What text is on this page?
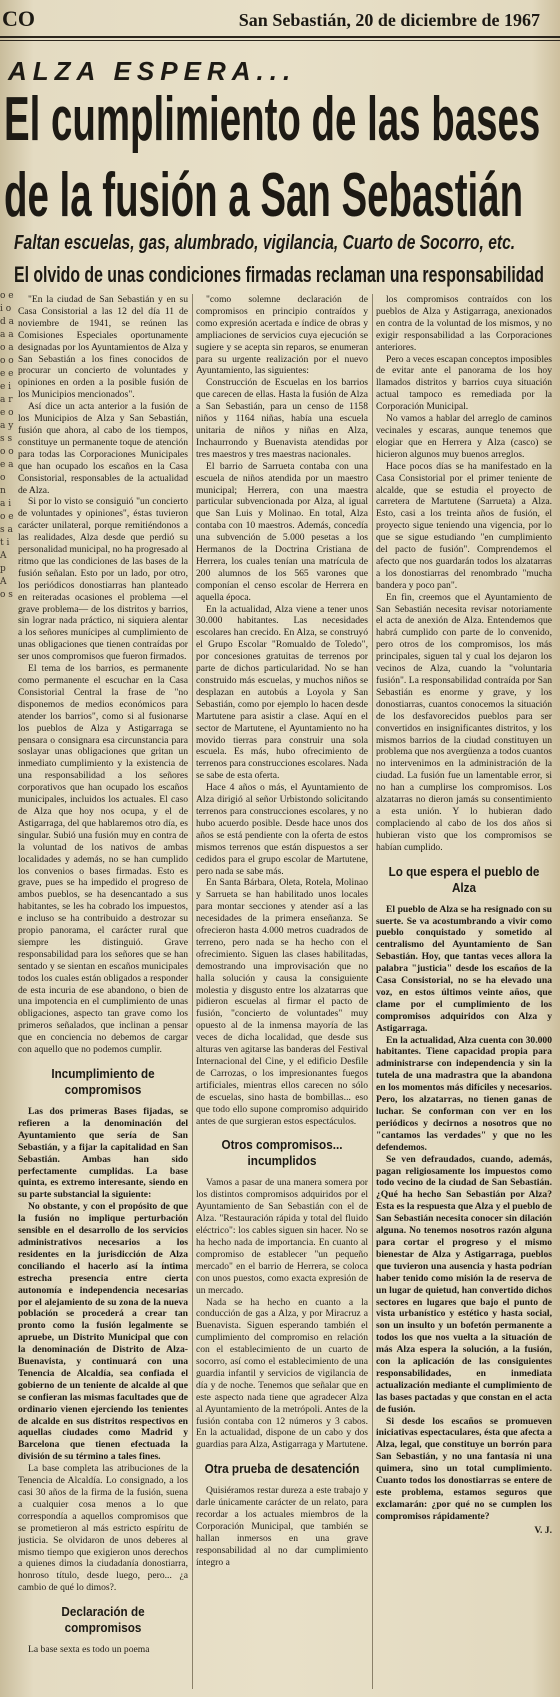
CO	San Sebastián, 20 de diciembre de 1967
ALZA ESPERA...
El cumplimiento de las bases
de la fusión a San Sebastián
Faltan escuelas, gas, alumbrado, vigilancia, Cuarto de Socorro, etc.
El olvido de unas condiciones firmadas reclaman una responsabilidad
o e i o d a a a o a o o e e e i a r e o a y s s o o e a o n a i o e s a t i A p A o s

"En la ciudad de San Sebastián y en su Casa Consistorial a las 12 del día 11 de noviembre de 1941, se reúnen las Comisiones Especiales oportunamente designadas por los Ayuntamientos de Alza y San Sebastián a los fines conocidos de procurar un concierto de voluntades y opiniones en orden a la posible fusión de los Municipios mencionados".

Así dice un acta anterior a la fusión de los Municipios de Alza y San Sebastián, fusión que ahora, al cabo de los tiempos, constituye un permanente toque de atención para todas las Corporaciones Municipales que han ocupado los escaños en la Casa Consistorial, responsables de la actualidad de Alza.

Si por lo visto se consiguió "un concierto de voluntades y opiniones", éstas tuvieron carácter unilateral, porque remitiéndonos a las realidades, Alza desde que perdió su personalidad municipal, no ha progresado al ritmo que las condiciones de las bases de la fusión señalan. Esto por un lado, por otro, los periódicos donostiarras han planteado en reiteradas ocasiones el problema —el grave problema— de los distritos y barrios, sin lograr nada práctico, ni siquiera alentar a los señores munícipes al cumplimiento de unas obligaciones que tienen contraídas por ser unos compromisos que fueron firmados.

El tema de los barrios, es permanente como permanente el escuchar en la Casa Consistorial Central la frase de "no disponemos de medios económicos para atender los barrios", como si al fusionarse los pueblos de Alza y Astigarraga se pensara o consignara esa circunstancia para soslayar unas obligaciones que gritan un inmediato cumplimiento y la existencia de una responsabilidad a los señores corporativos que han ocupado los escaños municipales, incluidos los actuales. El caso de Alza que hoy nos ocupa, y el de Astigarraga, del que hablaremos otro día, es singular. Subió una fusión muy en contra de la voluntad de los nativos de ambas localidades y además, no se han cumplido los convenios o bases firmadas. Esto es grave, pues se ha impedido el progreso de ambos pueblos, se ha desencantado a sus habitantes, se les ha cobrado los impuestos, e incluso se ha contribuido a destrozar su propio panorama, el carácter rural que siempre les distinguió. Grave responsabilidad para los señores que se han sentado y se sientan en escaños municipales todos los cuales están obligados a responder de esta incuria de ese abandono, o bien de una impotencia en el cumplimiento de unas obligaciones, aspecto tan grave como los primeros señalados, que inclinan a pensar que en conciencia no debemos de cargar con aquello que no podemos cumplir.

Incumplimiento de compromisos

Las dos primeras Bases fijadas, se refieren a la denominación del Ayuntamiento que sería de San Sebastián, y a fijar la capitalidad en San Sebastián. Ambas han sido perfectamente cumplidas. La base quinta, es extremo interesante, siendo en su parte substancial la siguiente:

No obstante, y con el propósito de que la fusión no implique perturbación sensible en el desarrollo de los servicios administrativos necesarios a los residentes en la jurisdicción de Alza conciliando el hacerlo así la íntima estrecha presencia entre cierta autonomía e independencia necesarias por el alejamiento de su zona de la nueva población se procederá a crear tan pronto como la fusión legalmente se apruebe, un Distrito Municipal que con la denominación de Distrito de Alza-Buenavista, y continuará con una Tenencia de Alcaldía, sea confiada el gobierno de un teniente de alcalde al que se confieran las mismas facultades que de ordinario vienen ejerciendo los tenientes de alcalde en sus distritos respectivos en aquellas ciudades como Madrid y Barcelona que tienen efectuada la división de su término a tales fines.

La base completa las atribuciones de la Tenencia de Alcaldía. Lo consignado, a los casi 30 años de la firma de la fusión, suena a cualquier cosa menos a lo que correspondía a aquellos compromisos que se prometieron al más estricto espíritu de justicia. Se olvidaron de unos deberes al mismo tiempo que exigieron unos derechos a quienes dimos la ciudadanía donostiarra, honroso título, desde luego, pero... ¿a cambio de qué lo dimos?.

Declaración de compromisos

La base sexta es todo un poema

"como solemne declaración de compromisos en principio contraídos y como expresión acertada e índice de obras y ampliaciones de servicios cuya ejecución se sugiere y se acepta sin reparos, se enumeran para su urgente realización por el nuevo Ayuntamiento, las siguientes:

Construcción de Escuelas en los barrios que carecen de ellas. Hasta la fusión de Alza a San Sebastián, para un censo de 1158 niños y 1164 niñas, había una escuela unitaria de niños y niñas en Alza, Inchaurrondo y Buenavista atendidas por tres maestros y tres maestras nacionales.

El barrio de Sarrueta contaba con una escuela de niños atendida por un maestro municipal; Herrera, con una maestra particular subvencionada por Alza, al igual que San Luis y Molinao. En total, Alza contaba con 10 maestros. Además, concedía una subvención de 5.000 pesetas a los Hermanos de la Doctrina Cristiana de Herrera, los cuales tenían una matrícula de 200 alumnos de los 565 varones que componían el censo escolar de Herrera en aquella época.

En la actualidad, Alza viene a tener unos 30.000 habitantes. Las necesidades escolares han crecido. En Alza, se construyó el Grupo Escolar "Romualdo de Toledo", por concesiones gratuitas de terrenos por parte de dichos particularidad. No se han construido más escuelas, y muchos niños se desplazan en autobús a Loyola y San Sebastián, como por ejemplo lo hacen desde Martutene para asistir a clase. Aquí en el sector de Martutene, el Ayuntamiento no ha movido tierras para construir una sola escuela. Es más, hubo ofrecimiento de terrenos para construcciones escolares. Nada se sabe de esta oferta.

Hace 4 años o más, el Ayuntamiento de Alza dirigió al señor Urbistondo solicitando terrenos para construcciones escolares, y no hubo acuerdo posible. Desde hace unos dos años se está pendiente con la oferta de estos mismos terrenos que están dispuestos a ser cedidos para el grupo escolar de Martutene, pero nada se sabe más.

En Santa Bárbara, Oleta, Rotela, Molinao y Sarrueta se han habilitado unos locales para montar secciones y atender así a las necesidades de la primera enseñanza. Se ofrecieron hasta 4.000 metros cuadrados de terreno, pero nada se ha hecho con el ofrecimiento. Siguen las clases habilitadas, demostrando una improvisación que no halla solución y causa la consiguiente molestia y disgusto entre los alzatarras que pidieron escuelas al firmar el pacto de fusión, "concierto de voluntades" muy opuesto al de la inmensa mayoría de las veces de dicha localidad, que desde sus alturas ven agitarse las banderas del Festival Internacional del Cine, y el edificio Desfile de Carrozas, o los impresionantes fuegos artificiales, mientras ellos carecen no sólo de escuelas, sino hasta de bombillas... eso que todo ello supone compromiso adquirido antes de que surgieran estos espectáculos.

Otros compromisos... incumplidos

Vamos a pasar de una manera somera por los distintos compromisos adquiridos por el Ayuntamiento de San Sebastián con el de Alza. "Restauración rápida y total del fluido eléctrico": los cables siguen sin hacer. No se ha hecho nada de importancia. En cuanto al compromiso de establecer "un pequeño mercado" en el barrio de Herrera, se coloca con unos puestos, como exacta expresión de un mercado.

Nada se ha hecho en cuanto a la conducción de gas a Alza, y por Miracruz a Buenavista. Siguen esperando también el cumplimiento del compromiso en relación con el establecimiento de un cuarto de socorro, así como el establecimiento de una guardia infantil y servicios de vigilancia de día y de noche. Tenemos que señalar que en este aspecto nada tiene que agradecer Alza al Ayuntamiento de la metrópoli. Antes de la fusión contaba con 12 números y 3 cabos. En la actualidad, dispone de un cabo y dos guardias para Alza, Astigarraga y Martutene.

Otra prueba de desatención

Quisiéramos restar dureza a este trabajo y darle únicamente carácter de un relato, para recordar a los actuales miembros de la Corporación Municipal, que también se hallan inmersos en una grave responsabilidad al no dar cumplimiento íntegro a

los compromisos contraídos con los pueblos de Alza y Astigarraga, anexionados en contra de la voluntad de los mismos, y no exigir responsabilidad a las Corporaciones anteriores.

Pero a veces escapan conceptos imposibles de evitar ante el panorama de los hoy llamados distritos y barrios cuya situación actual tampoco es remediada por la Corporación Municipal.

No vamos a hablar del arreglo de caminos vecinales y escaras, aunque tenemos que elogiar que en Herrera y Alza (casco) se hicieron algunos muy buenos arreglos.

Hace pocos días se ha manifestado en la Casa Consistorial por el primer teniente de alcalde, que se estudia el proyecto de carretera de Martutene (Sarrueta) a Alza. Esto, casi a los treinta años de fusión, el proyecto sigue teniendo una vigencia, por lo que se sigue estudiando "en cumplimiento del pacto de fusión". Comprendemos el afecto que nos guardarán todos los alzatarras a los donostiarras del renombrado "mucha bandera y poco pan".

En fin, creemos que el Ayuntamiento de San Sebastián necesita revisar notoriamente el acta de anexión de Alza. Entendemos que habrá cumplido con parte de lo convenido, pero otros de los compromisos, los más principales, siguen tal y cual los dejaron los vecinos de Alza, cuando la "voluntaria fusión". La responsabilidad contraída por San Sebastián es enorme y grave, y los donostiarras, cuantos conocemos la situación de los desfavorecidos pueblos para ser convertidos en insignificantes distritos, y los mismos barrios de la ciudad constituyen un problema que nos avergüenza a todos cuantos no intervenimos en la administración de la ciudad. La fusión fue un lamentable error, si no han a cumplirse los compromisos. Los alzatarras no dieron jamás su consentimiento a esta unión. Y lo hubieran dado complaciendo al cabo de los dos años si hubieran visto que los compromisos se habían cumplido.

Lo que espera el pueblo de Alza

El pueblo de Alza se ha resignado con su suerte. Se va acostumbrando a vivir como pueblo conquistado y sometido al centralismo del Ayuntamiento de San Sebastián. Hoy, que tantas veces allora la palabra "justicia" desde los escaños de la Casa Consistorial, no se ha elevado una voz, en estos últimos veinte años, que clame por el cumplimiento de los compromisos adquiridos con Alza y Astigarraga.

En la actualidad, Alza cuenta con 30.000 habitantes. Tiene capacidad propia para administrarse con independencia y sin la tutela de una madrastra que la abandona en los momentos más difíciles y necesarios. Pero, los alzatarras, no tienen ganas de luchar. Se conforman con ver en los periódicos y decirnos a nosotros que no "cantamos las verdades" y que no les defendemos.

Se ven defraudados, cuando, además, pagan religiosamente los impuestos como todo vecino de la ciudad de San Sebastián. ¿Qué ha hecho San Sebastián por Alza? Esta es la respuesta que Alza y el pueblo de San Sebastián necesita conocer sin dilación alguna. No tenemos nosotros razón alguna para cortar el progreso y el mismo bienestar de Alza y Astigarraga, pueblos que tuvieron una ausencia y hasta podrían haber tenido como misión la de reserva de un lugar de quietud, han convertido dichos sectores en lugares que bajo el punto de vista urbanístico y estético y hasta social, son un insulto y un bofetón permanente a todos los que nos vuelta a la situación de más Alza espera la solución, a la fusión, con la aplicación de las consiguientes responsabilidades, en inmediata actualización mediante el cumplimiento de las bases pactadas y que constan en el acta de fusión.

Si desde los escaños se promueven iniciativas espectaculares, ésta que afecta a Alza, legal, que constituye un borrón para San Sebastián, y no una fantasía ni una quimera, sino un total cumplimiento. Cuanto todos los donostiarras se entere de este problema, estamos seguros que exclamarán: ¿por qué no se cumplen los compromisos rápidamente?

V. J.
